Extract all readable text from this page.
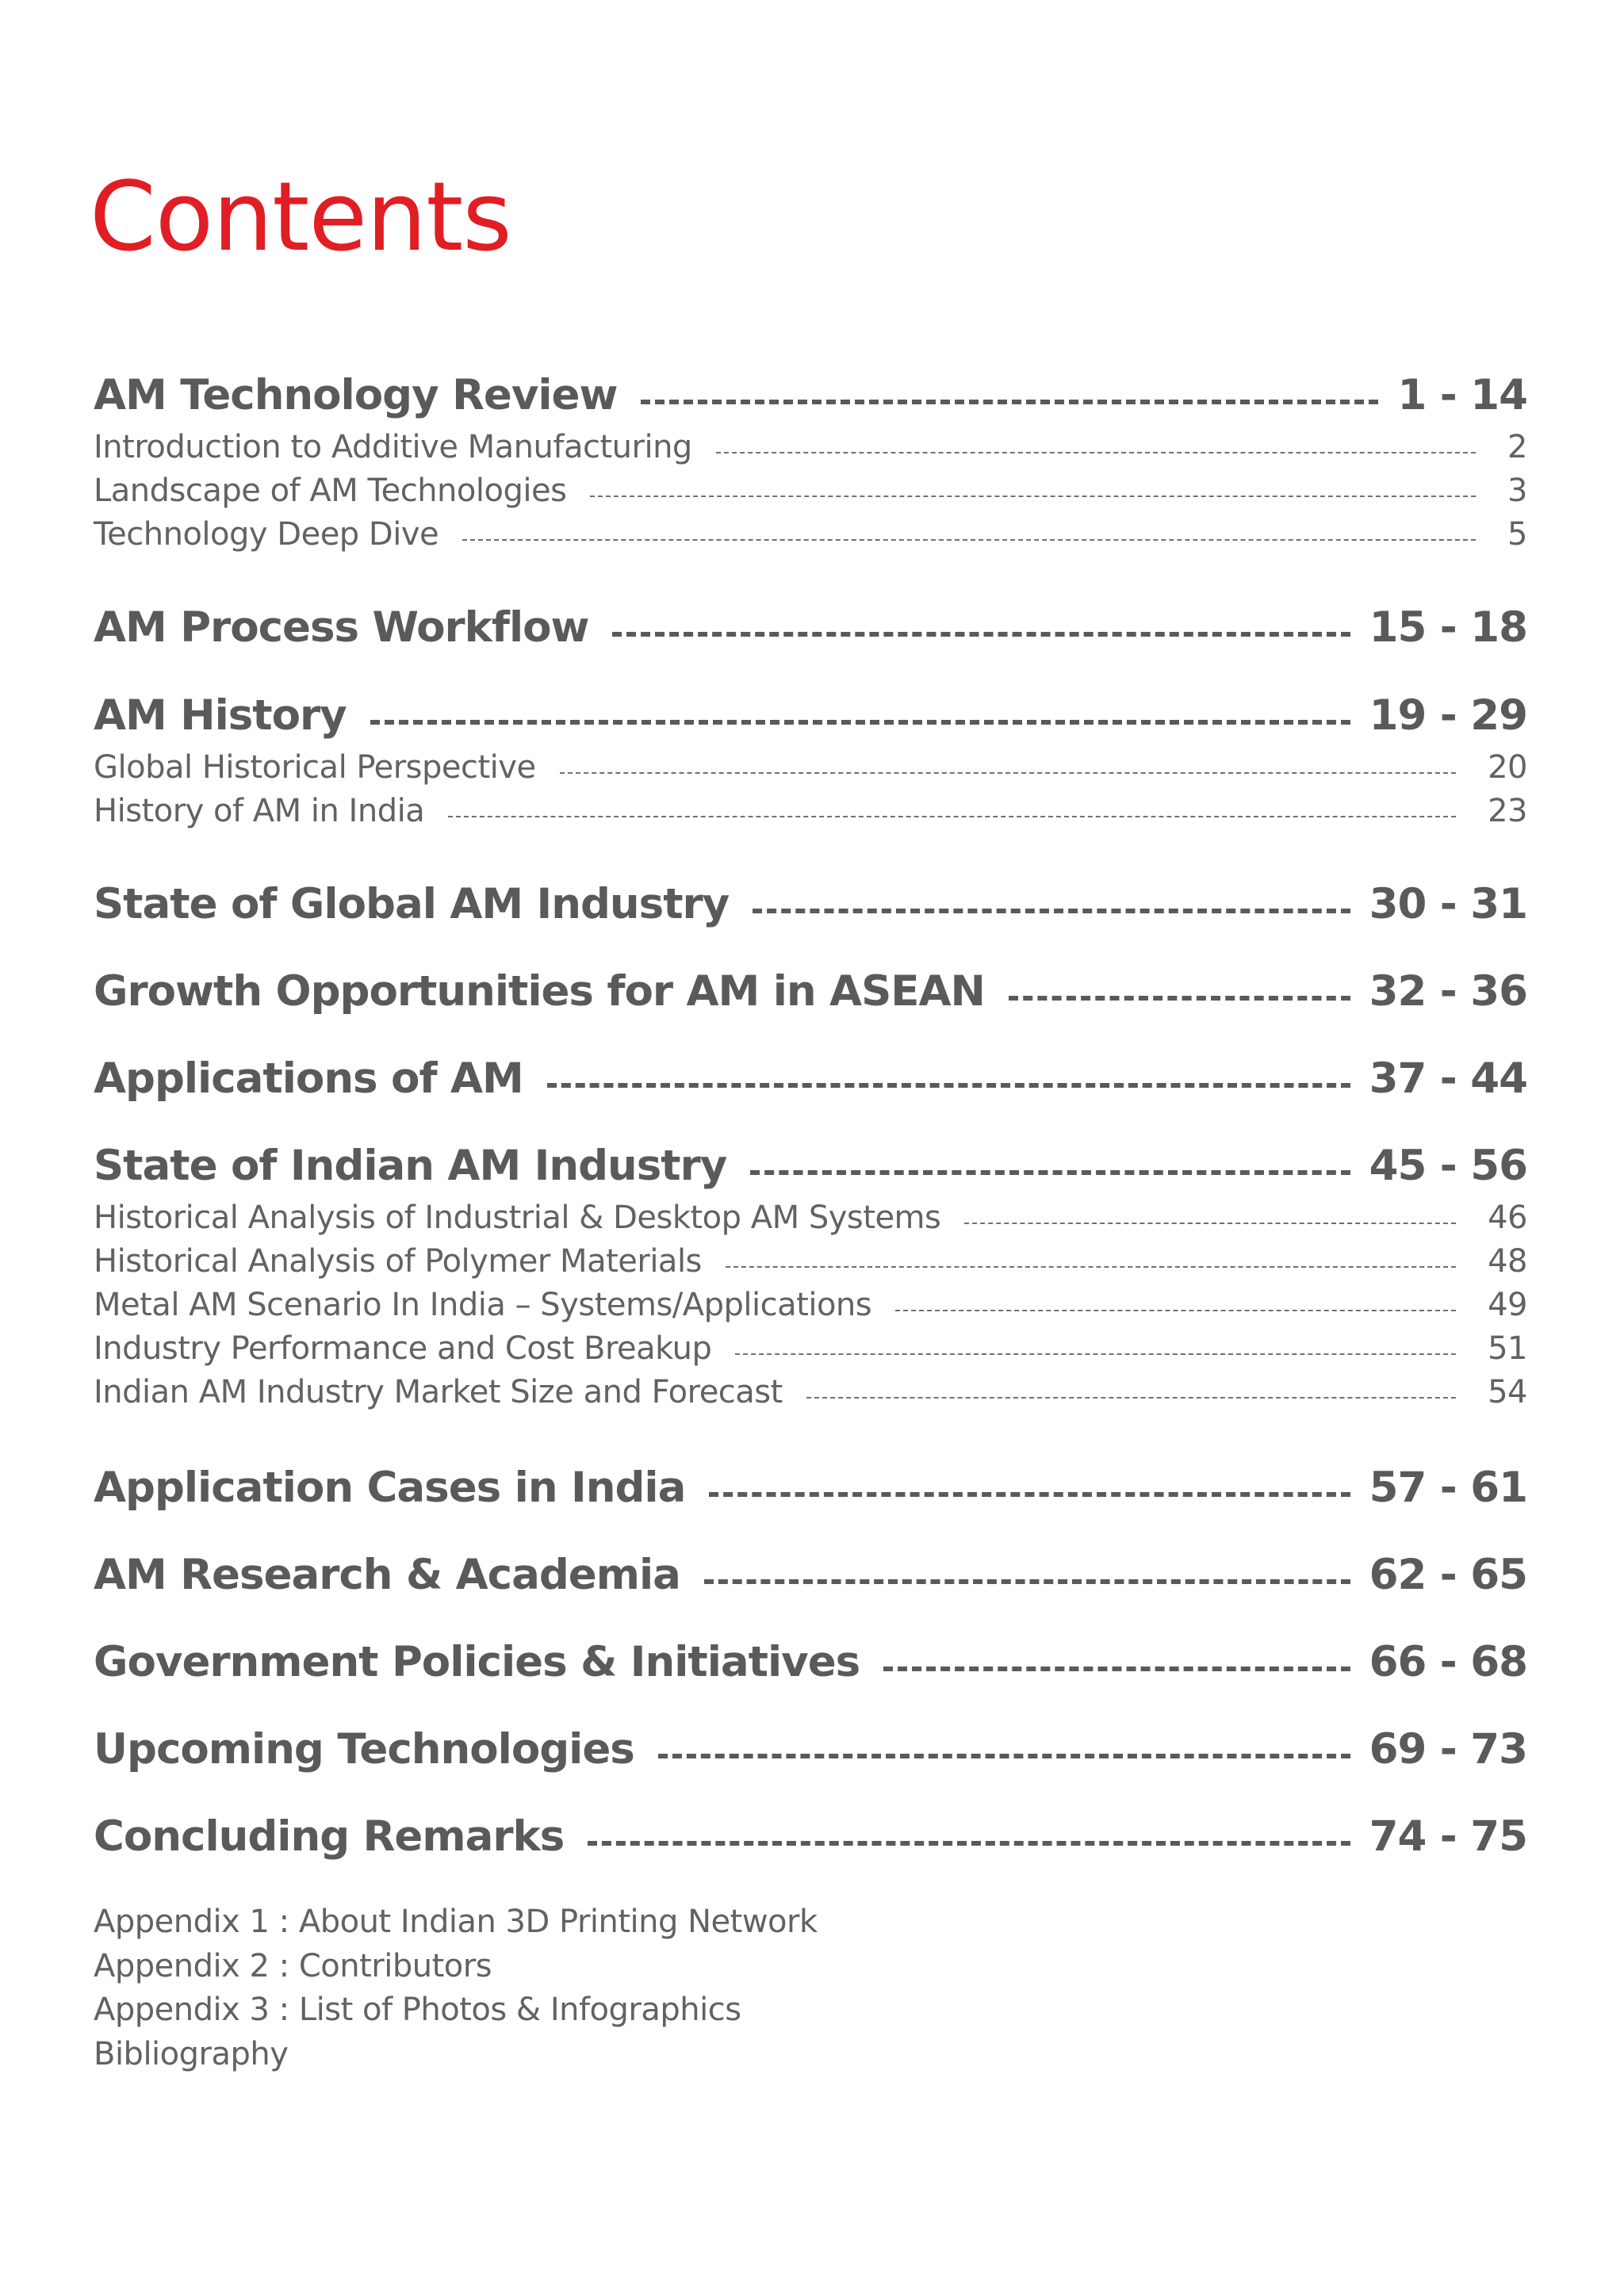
Contents
AM Technology Review	1 - 14
Introduction to Additive Manufacturing	2
Landscape of AM Technologies	3
Technology Deep Dive	5
AM Process Workflow	15 - 18
AM History	19 - 29
Global Historical Perspective	20
History of AM in India	23
State of Global AM Industry	30 - 31
Growth Opportunities for AM in ASEAN	32 - 36
Applications of AM	37 - 44
State of Indian AM Industry	45 - 56
Historical Analysis of Industrial & Desktop AM Systems	46
Historical Analysis of Polymer Materials	48
Metal AM Scenario In India – Systems/Applications	49
Industry Performance and Cost Breakup	51
Indian AM Industry Market Size and Forecast	54
Application Cases in India	57 - 61
AM Research & Academia	62 - 65
Government Policies & Initiatives	66 - 68
Upcoming Technologies	69 - 73
Concluding Remarks	74 - 75
Appendix 1 : About Indian 3D Printing Network
Appendix 2 : Contributors
Appendix 3 : List of Photos & Infographics
Bibliography
